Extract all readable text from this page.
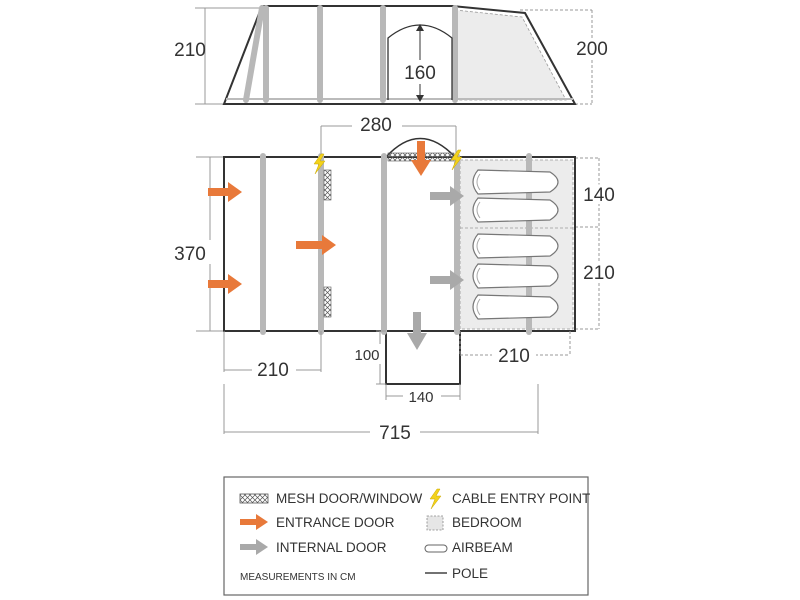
160
210	200
280
370
140
210
210
100
140
210
715
MESH DOOR/WINDOW
ENTRANCE DOOR
INTERNAL DOOR
MEASUREMENTS IN CM
CABLE ENTRY POINT
BEDROOM
AIRBEAM
POLE
